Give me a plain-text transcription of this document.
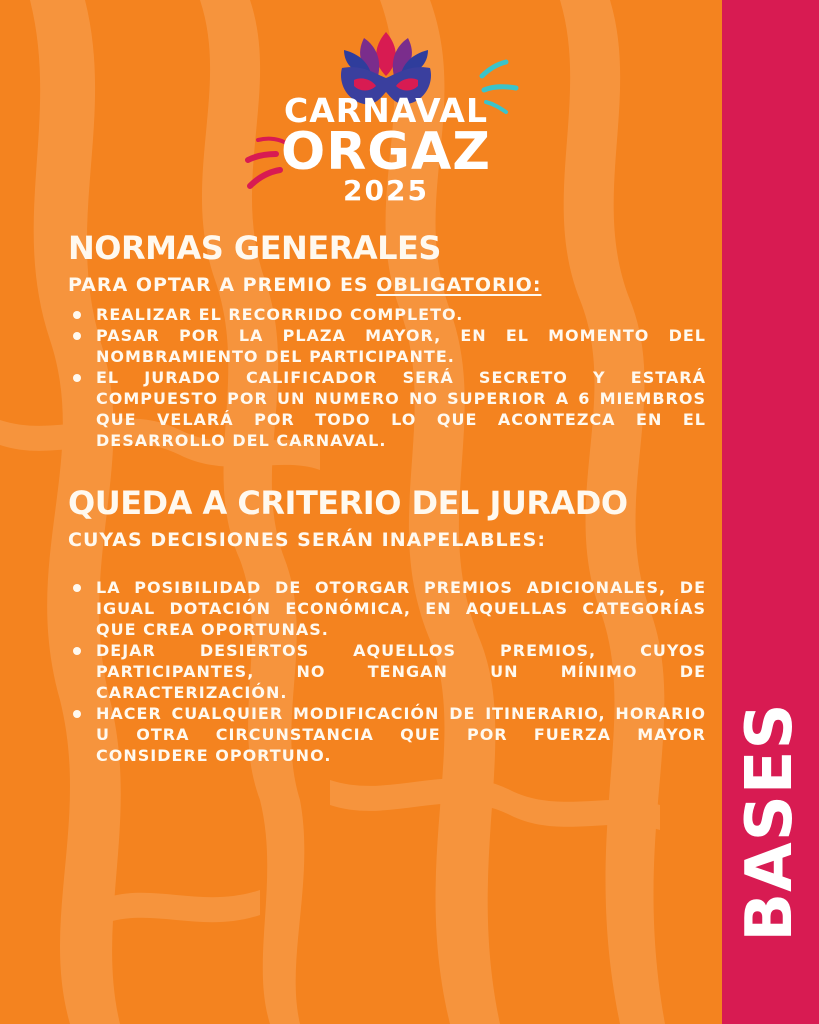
CARNAVAL
ORGAZ
2025
NORMAS GENERALES
PARA OPTAR A PREMIO ES OBLIGATORIO:
REALIZAR EL RECORRIDO COMPLETO.
PASAR POR LA PLAZA MAYOR, EN EL MOMENTO DEL NOMBRAMIENTO DEL PARTICIPANTE.
EL JURADO CALIFICADOR SERÁ SECRETO Y ESTARÁ COMPUESTO POR UN NUMERO NO SUPERIOR A 6 MIEMBROS QUE VELARÁ POR TODO LO QUE ACONTEZCA EN EL DESARROLLO DEL CARNAVAL.
QUEDA A CRITERIO DEL JURADO
CUYAS DECISIONES SERÁN INAPELABLES:
LA POSIBILIDAD DE OTORGAR PREMIOS ADICIONALES, DE IGUAL DOTACIÓN ECONÓMICA, EN AQUELLAS CATEGORÍAS QUE CREA OPORTUNAS.
DEJAR DESIERTOS AQUELLOS PREMIOS, CUYOS PARTICIPANTES, NO TENGAN UN MÍNIMO DE CARACTERIZACIÓN.
HACER CUALQUIER MODIFICACIÓN DE ITINERARIO, HORARIO U OTRA CIRCUNSTANCIA QUE POR FUERZA MAYOR CONSIDERE OPORTUNO.	BASES
